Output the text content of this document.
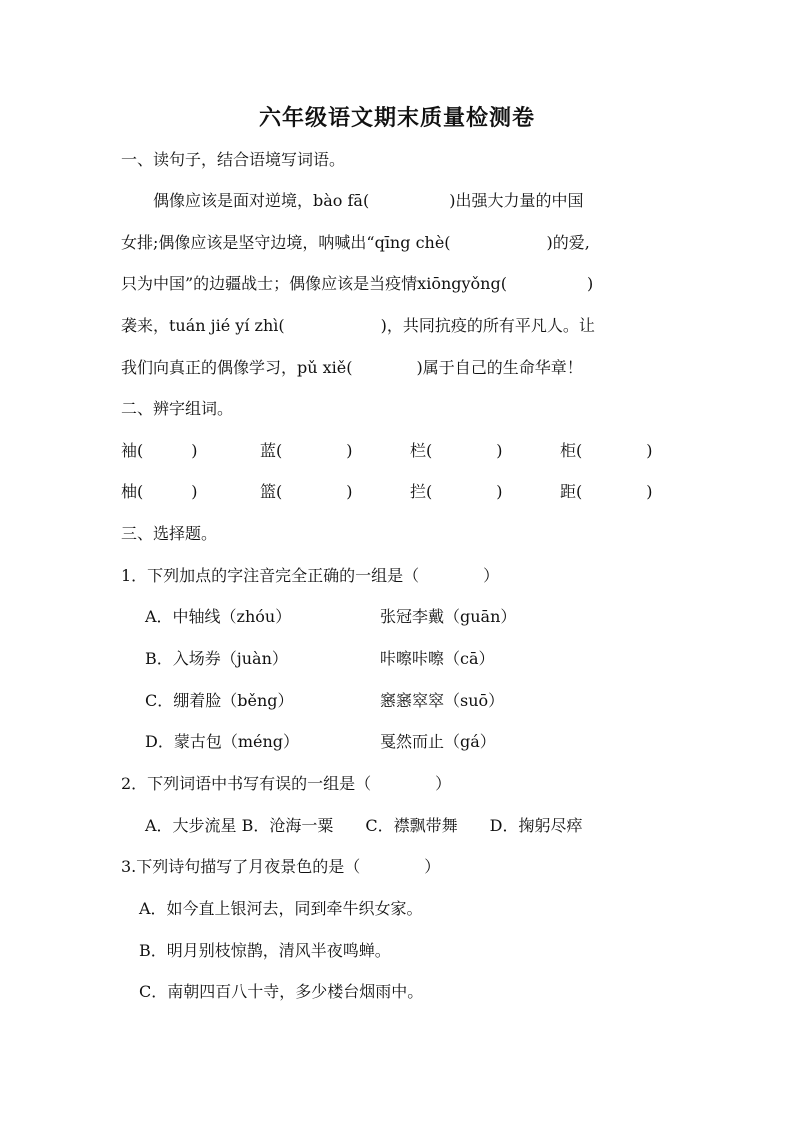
六年级语文期末质量检测卷
一、读句子，结合语境写词语。
　　偶像应该是面对逆境，bào fā(　　　　　)出强大力量的中国
女排;偶像应该是坚守边境，呐喊出“qīng chè(　　　　　　)的爱,
只为中国”的边疆战士；偶像应该是当疫情xiōngyǒng(　　　　　)
袭来，tuán jié yí zhì(　　　　　　)，共同抗疫的所有平凡人。让
我们向真正的偶像学习，pǔ xiě(　　　　)属于自己的生命华章！
二、辨字组词。
袖(　　　)	蓝(　　　　)	栏(　　　　)	柜(　　　　)
柚(　　　)	篮(　　　　)	拦(　　　　)	距(　　　　)
三、选择题。
1．下列加点的字注音完全正确的一组是（　　　　）
A．中轴线（zhóu）	张冠李戴（guān）
B．入场券（juàn）	咔嚓咔嚓（cā）
C．绷着脸（běng）	窸窸窣窣（suō）
D．蒙古包（méng）	戛然而止（gá）
2．下列词语中书写有误的一组是（　　　　）
A．大步流星 B．沧海一粟　　C．襟飘带舞　　D．掬躬尽瘁
3.下列诗句描写了月夜景色的是（　　　　）
A．如今直上银河去，同到牵牛织女家。
B．明月别枝惊鹊，清风半夜鸣蝉。
C．南朝四百八十寺，多少楼台烟雨中。
